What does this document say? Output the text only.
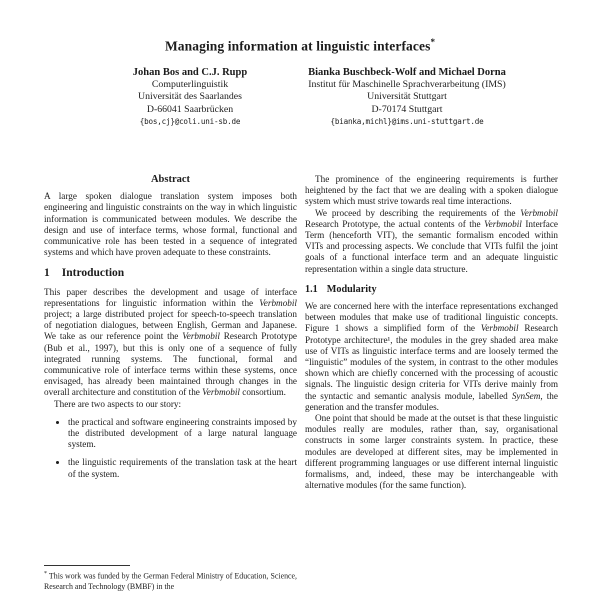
Managing information at linguistic interfaces*
Johan Bos and C.J. Rupp
Computerlinguistik
Universität des Saarlandes
D-66041 Saarbrücken
{bos,cj}@coli.uni-sb.de
Bianka Buschbeck-Wolf and Michael Dorna
Institut für Maschinelle Sprachverarbeitung (IMS)
Universität Stuttgart
D-70174 Stuttgart
{bianka,michl}@ims.uni-stuttgart.de
Abstract

A large spoken dialogue translation system imposes both engineering and linguistic constraints on the way in which linguistic information is communicated between modules. We describe the design and use of interface terms, whose formal, functional and communicative role has been tested in a sequence of integrated systems and which have proven adequate to these constraints.

1 Introduction

This paper describes the development and usage of interface representations for linguistic information within the Verbmobil project; a large distributed project for speech-to-speech translation of negotiation dialogues, between English, German and Japanese. We take as our reference point the Verbmobil Research Prototype (Bub et al., 1997), but this is only one of a sequence of fully integrated running systems. The functional, formal and communicative role of interface terms within these systems, once envisaged, has already been maintained through changes in the overall architecture and constitution of the Verbmobil consortium.

There are two aspects to our story:

• the practical and software engineering constraints imposed by the distributed development of a large natural language system.
• the linguistic requirements of the translation task at the heart of the system.

The prominence of the engineering requirements is further heightened by the fact that we are dealing with a spoken dialogue system which must strive towards real time interactions.

We proceed by describing the requirements of the Verbmobil Research Prototype, the actual contents of the Verbmobil Interface Term (henceforth VIT), the semantic formalism encoded within VITs and processing aspects. We conclude that VITs fulfil the joint goals of a functional interface term and an adequate linguistic representation within a single data structure.

1.1 Modularity

We are concerned here with the interface representations exchanged between modules that make use of traditional linguistic concepts. Figure 1 shows a simplified form of the Verbmobil Research Prototype architecture¹, the modules in the grey shaded area make use of VITs as linguistic interface terms and are loosely termed the “linguistic” modules of the system, in contrast to the other modules shown which are chiefly concerned with the processing of acoustic signals. The linguistic design criteria for VITs derive mainly from the syntactic and semantic analysis module, labelled SynSem, the generation and the transfer modules.

One point that should be made at the outset is that these linguistic modules really are modules, rather than, say, organisational constructs in some larger constraints system. In practice, these modules are developed at different sites, may be implemented in different programming languages or use different internal linguistic formalisms, and, indeed, these may be interchangeable with alternative modules (for the same function).

* This work was funded by the German Federal Ministry of Education, Science, Research and Technology (BMBF) in the
